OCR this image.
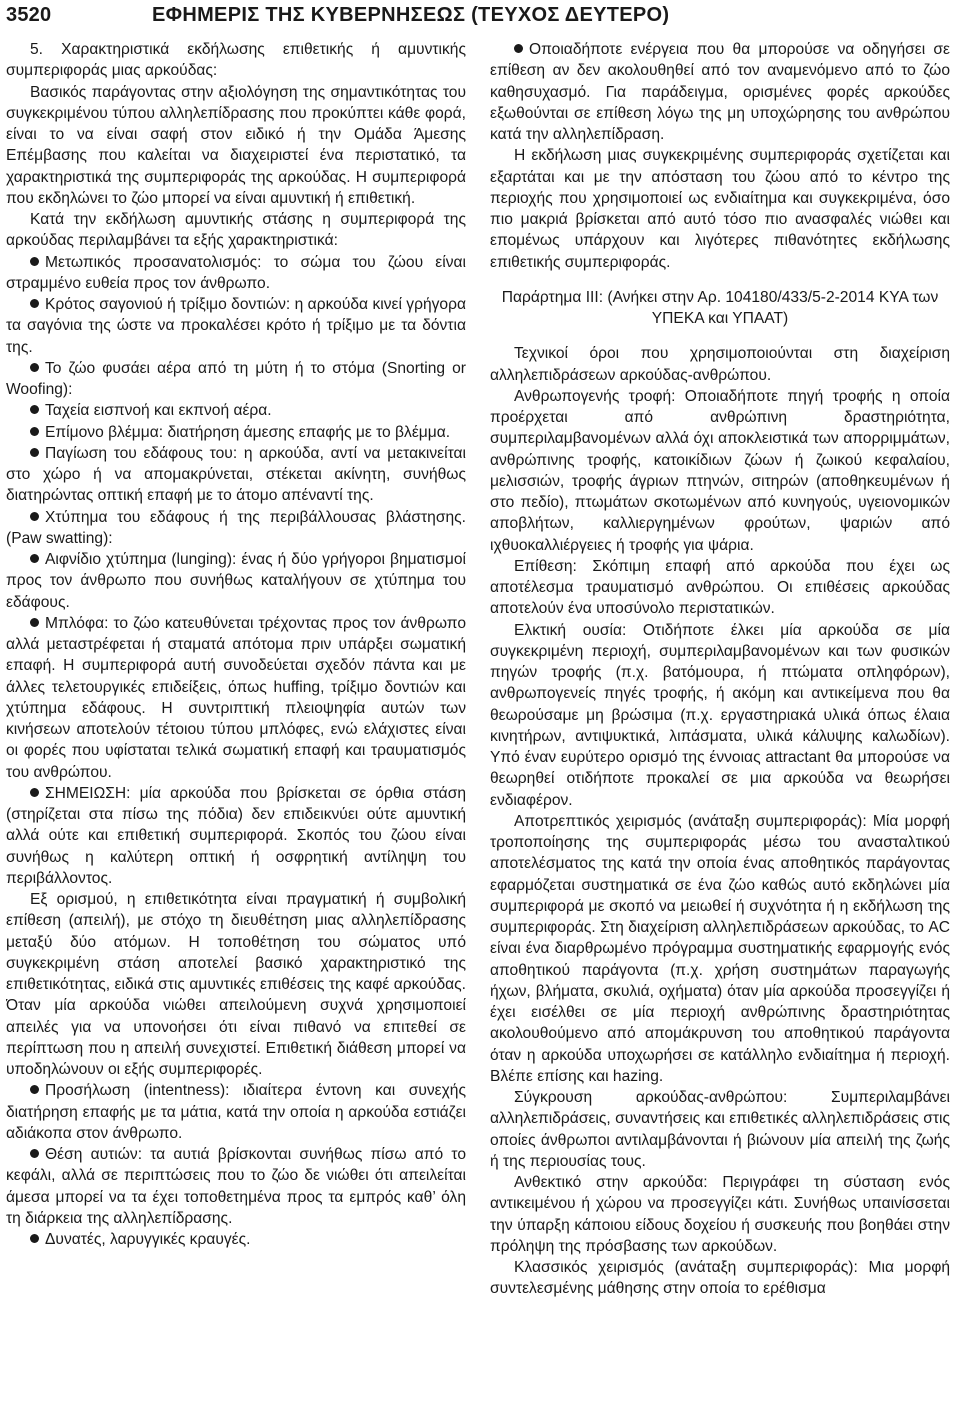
3520	ΕΦΗΜΕΡΙΣ ΤΗΣ ΚΥΒΕΡΝΗΣΕΩΣ (ΤΕΥΧΟΣ ΔΕΥΤΕΡΟ)

5. Χαρακτηριστικά εκδήλωσης επιθετικής ή αμυντικής συμπεριφοράς μιας αρκούδας:

Βασικός παράγοντας στην αξιολόγηση της σημαντικότητας του συγκεκριμένου τύπου αλληλεπίδρασης που προκύπτει κάθε φορά, είναι το να είναι σαφή στον ειδικό ή την Ομάδα Άμεσης Επέμβασης που καλείται να διαχειριστεί ένα περιστατικό, τα χαρακτηριστικά της συμπεριφοράς της αρκούδας. Η συμπεριφορά που εκδηλώνει το ζώο μπορεί να είναι αμυντική ή επιθετική.

Κατά την εκδήλωση αμυντικής στάσης η συμπεριφορά της αρκούδας περιλαμβάνει τα εξής χαρακτηριστικά:

Μετωπικός προσανατολισμός: το σώμα του ζώου είναι στραμμένο ευθεία προς τον άνθρωπο.

Κρότος σαγονιού ή τρίξιμο δοντιών: η αρκούδα κινεί γρήγορα τα σαγόνια της ώστε να προκαλέσει κρότο ή τρίξιμο με τα δόντια της.

Το ζώο φυσάει αέρα από τη μύτη ή το στόμα (Snorting or Woofing):

Ταχεία εισπνοή και εκπνοή αέρα.

Επίμονο βλέμμα: διατήρηση άμεσης επαφής με το βλέμμα.

Παγίωση του εδάφους του: η αρκούδα, αντί να μετακινείται στο χώρο ή να απομακρύνεται, στέκεται ακίνητη, συνήθως διατηρώντας οπτική επαφή με το άτομο απέναντί της.

Χτύπημα του εδάφους ή της περιβάλλουσας βλάστησης. (Paw swatting):

Αιφνίδιο χτύπημα (lunging): ένας ή δύο γρήγοροι βηματισμοί προς τον άνθρωπο που συνήθως καταλήγουν σε χτύπημα του εδάφους.

Μπλόφα: το ζώο κατευθύνεται τρέχοντας προς τον άνθρωπο αλλά μεταστρέφεται ή σταματά απότομα πριν υπάρξει σωματική επαφή. Η συμπεριφορά αυτή συνοδεύεται σχεδόν πάντα και με άλλες τελετουργικές επιδείξεις, όπως huffing, τρίξιμο δοντιών και χτύπημα εδάφους. Η συντριπτική πλειοψηφία αυτών των κινήσεων αποτελούν τέτοιου τύπου μπλόφες, ενώ ελάχιστες είναι οι φορές που υφίσταται τελικά σωματική επαφή και τραυματισμός του ανθρώπου.

ΣΗΜΕΙΩΣΗ: μία αρκούδα που βρίσκεται σε όρθια στάση (στηρίζεται στα πίσω της πόδια) δεν επιδεικνύει ούτε αμυντική αλλά ούτε και επιθετική συμπεριφορά. Σκοπός του ζώου είναι συνήθως η καλύτερη οπτική ή οσφρητική αντίληψη του περιβάλλοντος.

Εξ ορισμού, η επιθετικότητα είναι πραγματική ή συμβολική επίθεση (απειλή), με στόχο τη διευθέτηση μιας αλληλεπίδρασης μεταξύ δύο ατόμων. Η τοποθέτηση του σώματος υπό συγκεκριμένη στάση αποτελεί βασικό χαρακτηριστικό της επιθετικότητας, ειδικά στις αμυντικές επιθέσεις της καφέ αρκούδας. Όταν μία αρκούδα νιώθει απειλούμενη συχνά χρησιμοποιεί απειλές για να υπονοήσει ότι είναι πιθανό να επιτεθεί σε περίπτωση που η απειλή συνεχιστεί. Επιθετική διάθεση μπορεί να υποδηλώνουν οι εξής συμπεριφορές.

Προσήλωση (intentness): ιδιαίτερα έντονη και συνεχής διατήρηση επαφής με τα μάτια, κατά την οποία η αρκούδα εστιάζει αδιάκοπα στον άνθρωπο.

Θέση αυτιών: τα αυτιά βρίσκονται συνήθως πίσω από το κεφάλι, αλλά σε περιπτώσεις που το ζώο δε νιώθει ότι απειλείται άμεσα μπορεί να τα έχει τοποθετημένα προς τα εμπρός καθ’ όλη τη διάρκεια της αλληλεπίδρασης.

Δυνατές, λαρυγγικές κραυγές.

Οποιαδήποτε ενέργεια που θα μπορούσε να οδηγήσει σε επίθεση αν δεν ακολουθηθεί από τον αναμενόμενο από το ζώο καθησυχασμό. Για παράδειγμα, ορισμένες φορές αρκούδες εξωθούνται σε επίθεση λόγω της μη υποχώρησης του ανθρώπου κατά την αλληλεπίδραση.

Η εκδήλωση μιας συγκεκριμένης συμπεριφοράς σχετίζεται και εξαρτάται και με την απόσταση του ζώου από το κέντρο της περιοχής που χρησιμοποιεί ως ενδιαίτημα και συγκεκριμένα, όσο πιο μακριά βρίσκεται από αυτό τόσο πιο ανασφαλές νιώθει και επομένως υπάρχουν και λιγότερες πιθανότητες εκδήλωσης επιθετικής συμπεριφοράς.

Παράρτημα ΙΙΙ: (Ανήκει στην Αρ. 104180/433/5-2-2014 ΚΥΑ των ΥΠΕΚΑ και ΥΠΑΑΤ)

Τεχνικοί όροι που χρησιμοποιούνται στη διαχείριση αλληλεπιδράσεων αρκούδας-ανθρώπου.

Ανθρωπογενής τροφή: Οποιαδήποτε πηγή τροφής η οποία προέρχεται από ανθρώπινη δραστηριότητα, συμπεριλαμβανομένων αλλά όχι αποκλειστικά των απορριμμάτων, ανθρώπινης τροφής, κατοικίδιων ζώων ή ζωικού κεφαλαίου, μελισσιών, τροφής άγριων πτηνών, σιτηρών (αποθηκευμένων ή στο πεδίο), πτωμάτων σκοτωμένων από κυνηγούς, υγειονομικών αποβλήτων, καλλιεργημένων φρούτων, ψαριών από ιχθυοκαλλιέργειες ή τροφής για ψάρια.

Επίθεση: Σκόπιμη επαφή από αρκούδα που έχει ως αποτέλεσμα τραυματισμό ανθρώπου. Οι επιθέσεις αρκούδας αποτελούν ένα υποσύνολο περιστατικών.

Ελκτική ουσία: Οτιδήποτε έλκει μία αρκούδα σε μία συγκεκριμένη περιοχή, συμπεριλαμβανομένων και των φυσικών πηγών τροφής (π.χ. βατόμουρα, ή πτώματα οπληφόρων), ανθρωπογενείς πηγές τροφής, ή ακόμη και αντικείμενα που θα θεωρούσαμε μη βρώσιμα (π.χ. εργαστηριακά υλικά όπως έλαια κινητήρων, αντιψυκτικά, λιπάσματα, υλικά κάλυψης καλωδίων). Υπό έναν ευρύτερο ορισμό της έννοιας attractant θα μπορούσε να θεωρηθεί οτιδήποτε προκαλεί σε μια αρκούδα να θεωρήσει ενδιαφέρον.

Αποτρεπτικός χειρισμός (ανάταξη συμπεριφοράς): Μία μορφή τροποποίησης της συμπεριφοράς μέσω του ανασταλτικού αποτελέσματος της κατά την οποία ένας αποθητικός παράγοντας εφαρμόζεται συστηματικά σε ένα ζώο καθώς αυτό εκδηλώνει μία συμπεριφορά με σκοπό να μειωθεί ή συχνότητα ή η εκδήλωση της συμπεριφοράς. Στη διαχείριση αλληλεπιδράσεων αρκούδας, το AC είναι ένα διαρθρωμένο πρόγραμμα συστηματικής εφαρμογής ενός αποθητικού παράγοντα (π.χ. χρήση συστημάτων παραγωγής ήχων, βλήματα, σκυλιά, οχήματα) όταν μία αρκούδα προσεγγίζει ή έχει εισέλθει σε μία περιοχή ανθρώπινης δραστηριότητας ακολουθούμενο από απομάκρυνση του αποθητικού παράγοντα όταν η αρκούδα υποχωρήσει σε κατάλληλο ενδιαίτημα ή περιοχή. Βλέπε επίσης και hazing.

Σύγκρουση αρκούδας-ανθρώπου: Συμπεριλαμβάνει αλληλεπιδράσεις, συναντήσεις και επιθετικές αλληλεπιδράσεις στις οποίες άνθρωποι αντιλαμβάνονται ή βιώνουν μία απειλή της ζωής ή της περιουσίας τους.

Ανθεκτικό στην αρκούδα: Περιγράφει τη σύσταση ενός αντικειμένου ή χώρου να προσεγγίζει κάτι. Συνήθως υπαινίσσεται την ύπαρξη κάποιου είδους δοχείου ή συσκευής που βοηθάει στην πρόληψη της πρόσβασης των αρκούδων.

Κλασσικός χειρισμός (ανάταξη συμπεριφοράς): Μια μορφή συντελεσμένης μάθησης στην οποία το ερέθισμα
